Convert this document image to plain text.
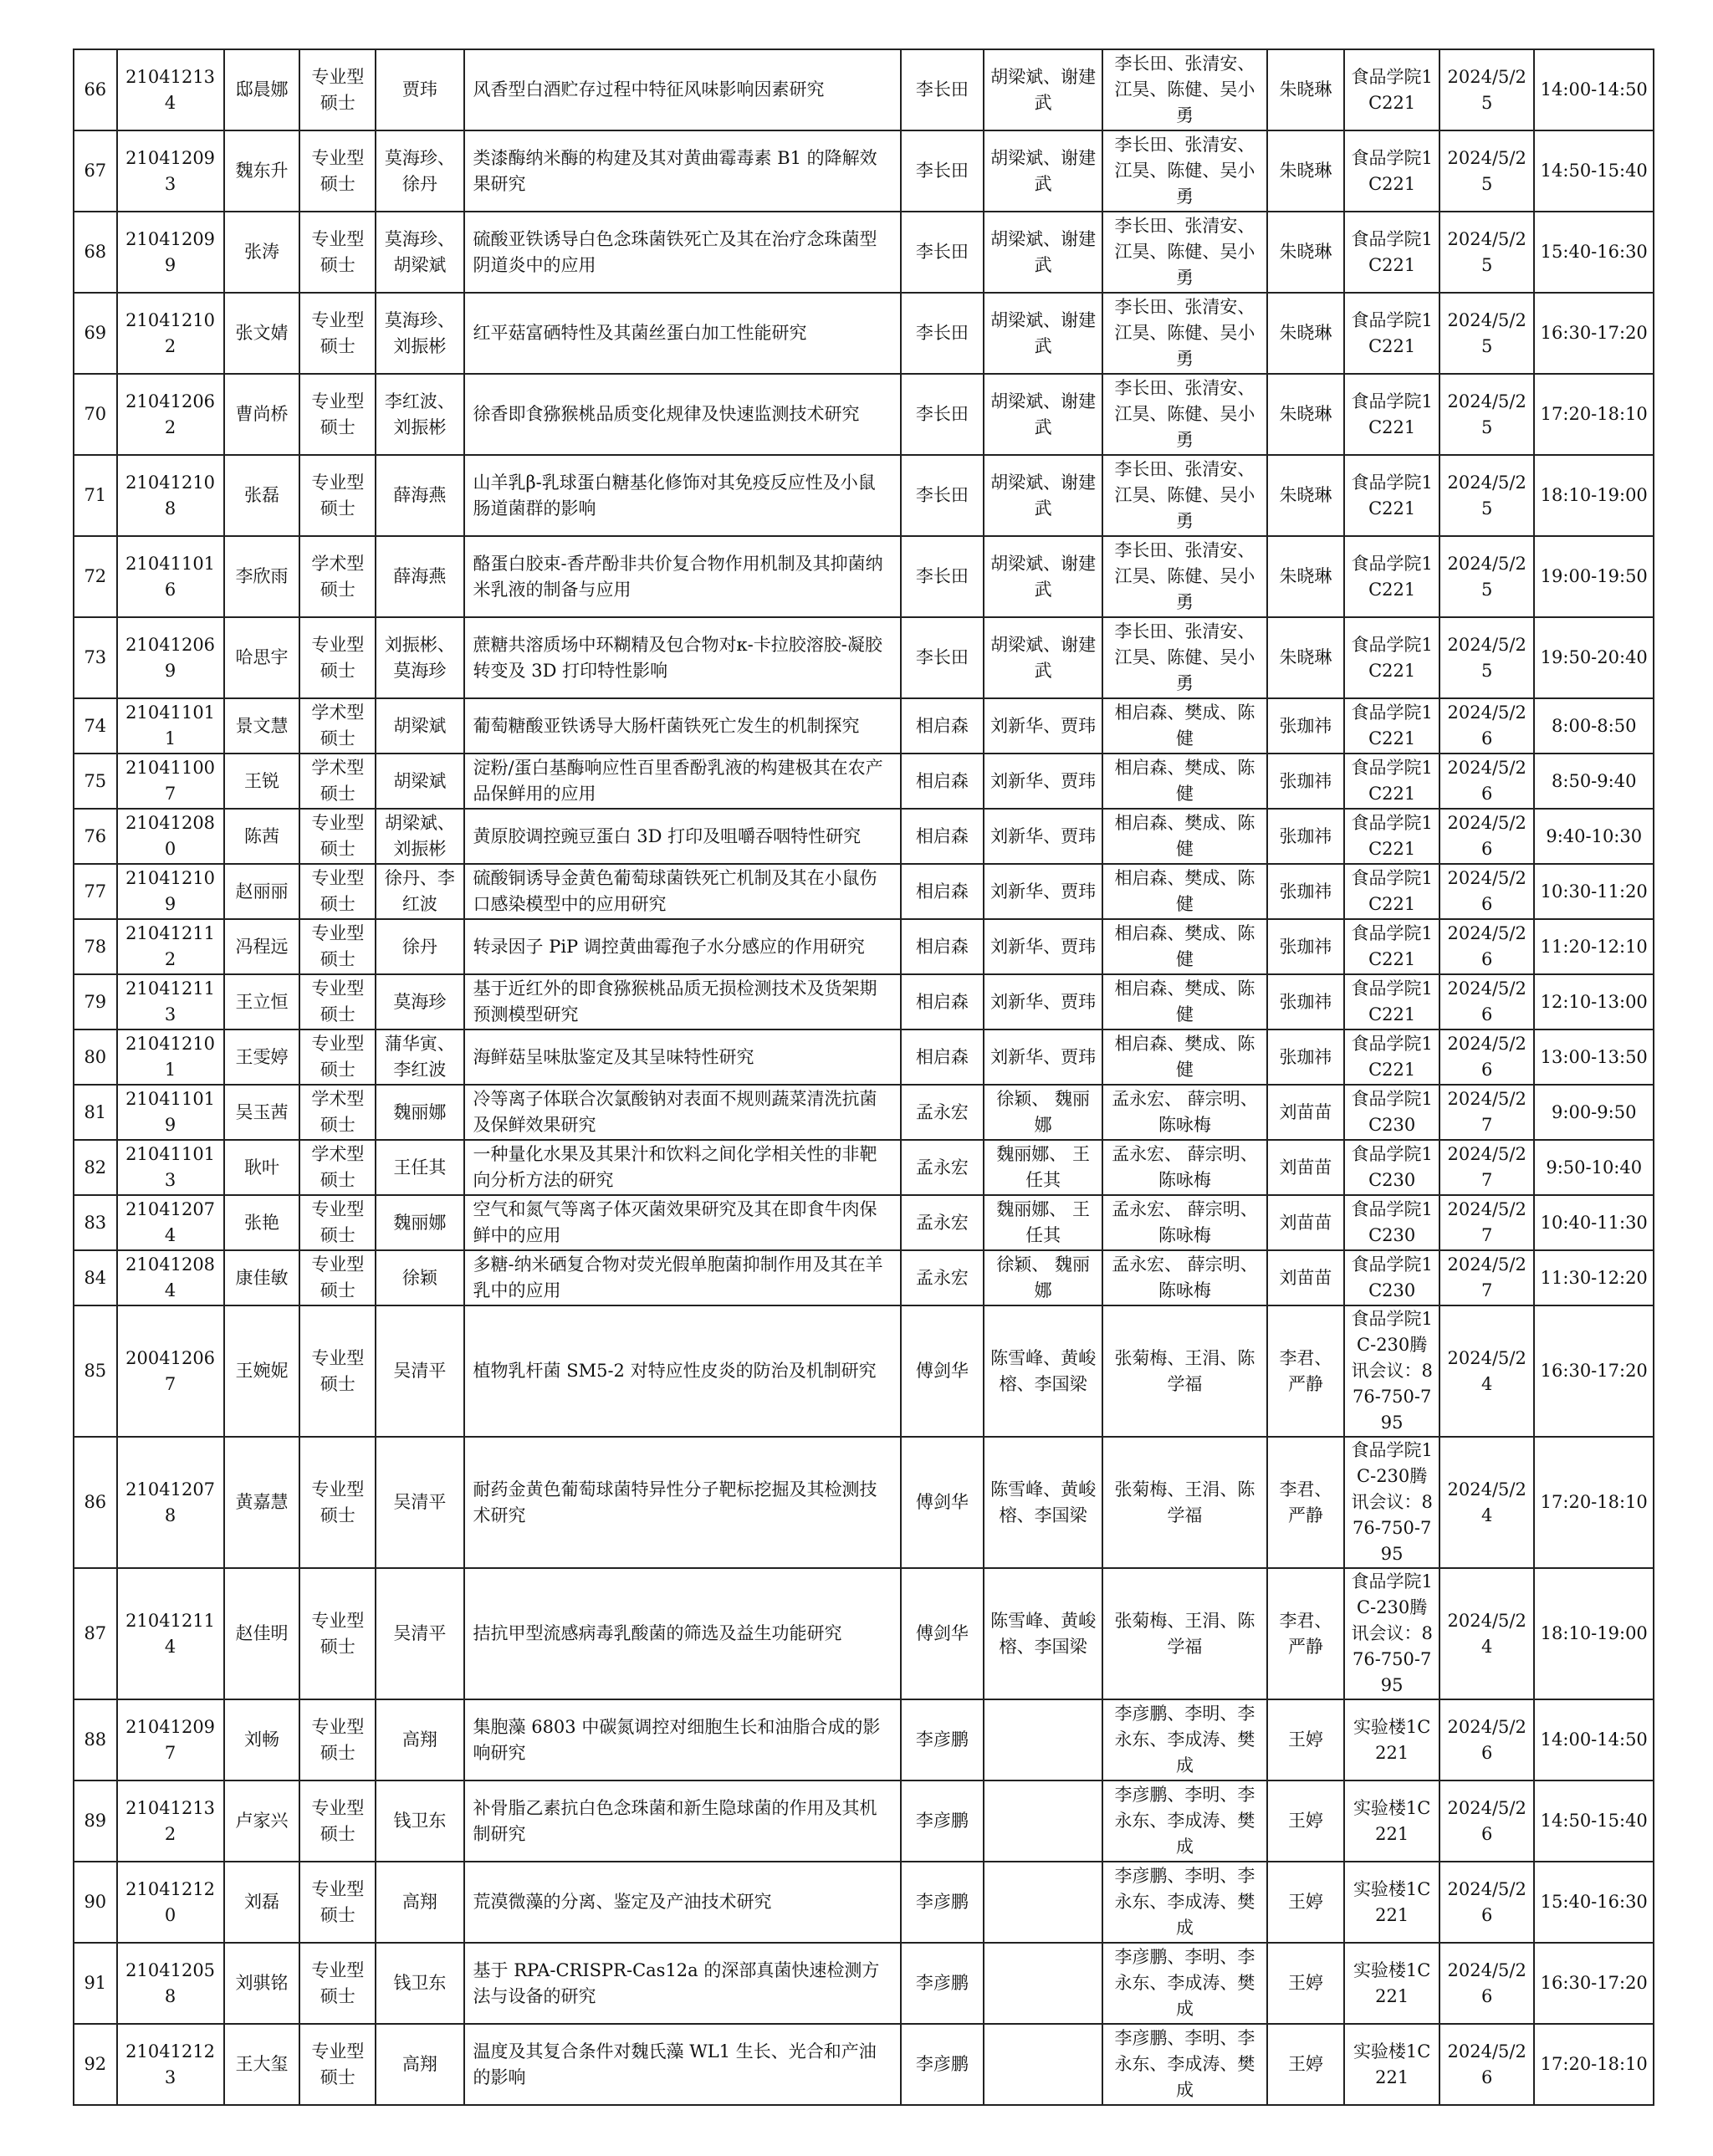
66	210412134	邸晨娜	专业型硕士	贾玮	风香型白酒贮存过程中特征风味影响因素研究	李长田	胡梁斌、谢建武	李长田、张清安、江昊、陈健、吴小勇	朱晓琳	食品学院1C221	2024/5/25	14:00-14:50
67	210412093	魏东升	专业型硕士	莫海珍、徐丹	类漆酶纳米酶的构建及其对黄曲霉毒素 B1 的降解效果研究	李长田	胡梁斌、谢建武	李长田、张清安、江昊、陈健、吴小勇	朱晓琳	食品学院1C221	2024/5/25	14:50-15:40
68	210412099	张涛	专业型硕士	莫海珍、胡梁斌	硫酸亚铁诱导白色念珠菌铁死亡及其在治疗念珠菌型阴道炎中的应用	李长田	胡梁斌、谢建武	李长田、张清安、江昊、陈健、吴小勇	朱晓琳	食品学院1C221	2024/5/25	15:40-16:30
69	210412102	张文婧	专业型硕士	莫海珍、刘振彬	红平菇富硒特性及其菌丝蛋白加工性能研究	李长田	胡梁斌、谢建武	李长田、张清安、江昊、陈健、吴小勇	朱晓琳	食品学院1C221	2024/5/25	16:30-17:20
70	210412062	曹尚桥	专业型硕士	李红波、刘振彬	徐香即食猕猴桃品质变化规律及快速监测技术研究	李长田	胡梁斌、谢建武	李长田、张清安、江昊、陈健、吴小勇	朱晓琳	食品学院1C221	2024/5/25	17:20-18:10
71	210412108	张磊	专业型硕士	薛海燕	山羊乳β-乳球蛋白糖基化修饰对其免疫反应性及小鼠肠道菌群的影响	李长田	胡梁斌、谢建武	李长田、张清安、江昊、陈健、吴小勇	朱晓琳	食品学院1C221	2024/5/25	18:10-19:00
72	210411016	李欣雨	学术型硕士	薛海燕	酪蛋白胶束-香芹酚非共价复合物作用机制及其抑菌纳米乳液的制备与应用	李长田	胡梁斌、谢建武	李长田、张清安、江昊、陈健、吴小勇	朱晓琳	食品学院1C221	2024/5/25	19:00-19:50
73	210412069	哈思宇	专业型硕士	刘振彬、莫海珍	蔗糖共溶质场中环糊精及包合物对κ-卡拉胶溶胶-凝胶转变及 3D 打印特性影响	李长田	胡梁斌、谢建武	李长田、张清安、江昊、陈健、吴小勇	朱晓琳	食品学院1C221	2024/5/25	19:50-20:40
74	210411011	景文慧	学术型硕士	胡梁斌	葡萄糖酸亚铁诱导大肠杆菌铁死亡发生的机制探究	相启森	刘新华、贾玮	相启森、樊成、陈健	张珈祎	食品学院1C221	2024/5/26	8:00-8:50
75	210411007	王锐	学术型硕士	胡梁斌	淀粉/蛋白基酶响应性百里香酚乳液的构建极其在农产品保鲜用的应用	相启森	刘新华、贾玮	相启森、樊成、陈健	张珈祎	食品学院1C221	2024/5/26	8:50-9:40
76	210412080	陈茜	专业型硕士	胡梁斌、刘振彬	黄原胶调控豌豆蛋白 3D 打印及咀嚼吞咽特性研究	相启森	刘新华、贾玮	相启森、樊成、陈健	张珈祎	食品学院1C221	2024/5/26	9:40-10:30
77	210412109	赵丽丽	专业型硕士	徐丹、李红波	硫酸铜诱导金黄色葡萄球菌铁死亡机制及其在小鼠伤口感染模型中的应用研究	相启森	刘新华、贾玮	相启森、樊成、陈健	张珈祎	食品学院1C221	2024/5/26	10:30-11:20
78	210412112	冯程远	专业型硕士	徐丹	转录因子 PiP 调控黄曲霉孢子水分感应的作用研究	相启森	刘新华、贾玮	相启森、樊成、陈健	张珈祎	食品学院1C221	2024/5/26	11:20-12:10
79	210412113	王立恒	专业型硕士	莫海珍	基于近红外的即食猕猴桃品质无损检测技术及货架期预测模型研究	相启森	刘新华、贾玮	相启森、樊成、陈健	张珈祎	食品学院1C221	2024/5/26	12:10-13:00
80	210412101	王雯婷	专业型硕士	蒲华寅、李红波	海鲜菇呈味肽鉴定及其呈味特性研究	相启森	刘新华、贾玮	相启森、樊成、陈健	张珈祎	食品学院1C221	2024/5/26	13:00-13:50
81	210411019	吴玉茜	学术型硕士	魏丽娜	冷等离子体联合次氯酸钠对表面不规则蔬菜清洗抗菌及保鲜效果研究	孟永宏	徐颖、 魏丽娜	孟永宏、 薛宗明、陈咏梅	刘苗苗	食品学院1C230	2024/5/27	9:00-9:50
82	210411013	耿叶	学术型硕士	王任其	一种量化水果及其果汁和饮料之间化学相关性的非靶向分析方法的研究	孟永宏	魏丽娜、 王任其	孟永宏、 薛宗明、陈咏梅	刘苗苗	食品学院1C230	2024/5/27	9:50-10:40
83	210412074	张艳	专业型硕士	魏丽娜	空气和氮气等离子体灭菌效果研究及其在即食牛肉保鲜中的应用	孟永宏	魏丽娜、 王任其	孟永宏、 薛宗明、陈咏梅	刘苗苗	食品学院1C230	2024/5/27	10:40-11:30
84	210412084	康佳敏	专业型硕士	徐颖	多糖-纳米硒复合物对荧光假单胞菌抑制作用及其在羊乳中的应用	孟永宏	徐颖、 魏丽娜	孟永宏、 薛宗明、陈咏梅	刘苗苗	食品学院1C230	2024/5/27	11:30-12:20
85	200412067	王婉妮	专业型硕士	吴清平	植物乳杆菌 SM5-2 对特应性皮炎的防治及机制研究	傅剑华	陈雪峰、黄峻榕、李国梁	张菊梅、王涓、陈学福	李君、严静	食品学院1C-230腾讯会议：876-750-795	2024/5/24	16:30-17:20
86	210412078	黄嘉慧	专业型硕士	吴清平	耐药金黄色葡萄球菌特异性分子靶标挖掘及其检测技术研究	傅剑华	陈雪峰、黄峻榕、李国梁	张菊梅、王涓、陈学福	李君、严静	食品学院1C-230腾讯会议：876-750-795	2024/5/24	17:20-18:10
87	210412114	赵佳明	专业型硕士	吴清平	拮抗甲型流感病毒乳酸菌的筛选及益生功能研究	傅剑华	陈雪峰、黄峻榕、李国梁	张菊梅、王涓、陈学福	李君、严静	食品学院1C-230腾讯会议：876-750-795	2024/5/24	18:10-19:00
88	210412097	刘畅	专业型硕士	高翔	集胞藻 6803 中碳氮调控对细胞生长和油脂合成的影响研究	李彦鹏		李彦鹏、李明、李永东、李成涛、樊成	王婷	实验楼1C221	2024/5/26	14:00-14:50
89	210412132	卢家兴	专业型硕士	钱卫东	补骨脂乙素抗白色念珠菌和新生隐球菌的作用及其机制研究	李彦鹏		李彦鹏、李明、李永东、李成涛、樊成	王婷	实验楼1C221	2024/5/26	14:50-15:40
90	210412120	刘磊	专业型硕士	高翔	荒漠微藻的分离、鉴定及产油技术研究	李彦鹏		李彦鹏、李明、李永东、李成涛、樊成	王婷	实验楼1C221	2024/5/26	15:40-16:30
91	210412058	刘骐铭	专业型硕士	钱卫东	基于 RPA-CRISPR-Cas12a 的深部真菌快速检测方法与设备的研究	李彦鹏		李彦鹏、李明、李永东、李成涛、樊成	王婷	实验楼1C221	2024/5/26	16:30-17:20
92	210412123	王大玺	专业型硕士	高翔	温度及其复合条件对魏氏藻 WL1 生长、光合和产油的影响	李彦鹏		李彦鹏、李明、李永东、李成涛、樊成	王婷	实验楼1C221	2024/5/26	17:20-18:10
